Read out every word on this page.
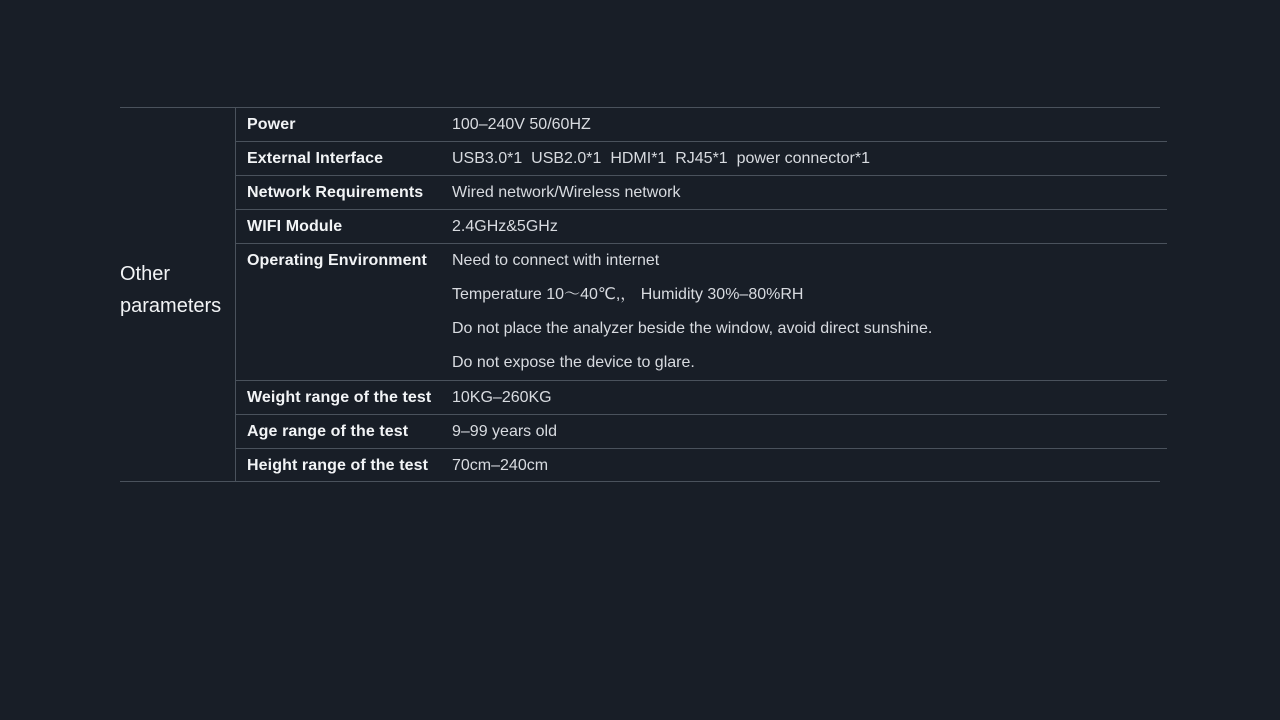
Other
parameters
Power	100–240V 50/60HZ
External Interface	USB3.0*1  USB2.0*1  HDMI*1  RJ45*1  power connector*1
Network Requirements	Wired network/Wireless network
WIFI Module	2.4GHz&5GHz
Operating Environment	Need to connect with internet
Temperature 10～40℃,， Humidity 30%–80%RH
Do not place the analyzer beside the window, avoid direct sunshine.
Do not expose the device to glare.
Weight range of the test	10KG–260KG
Age range of the test	9–99 years old
Height range of the test	70cm–240cm
